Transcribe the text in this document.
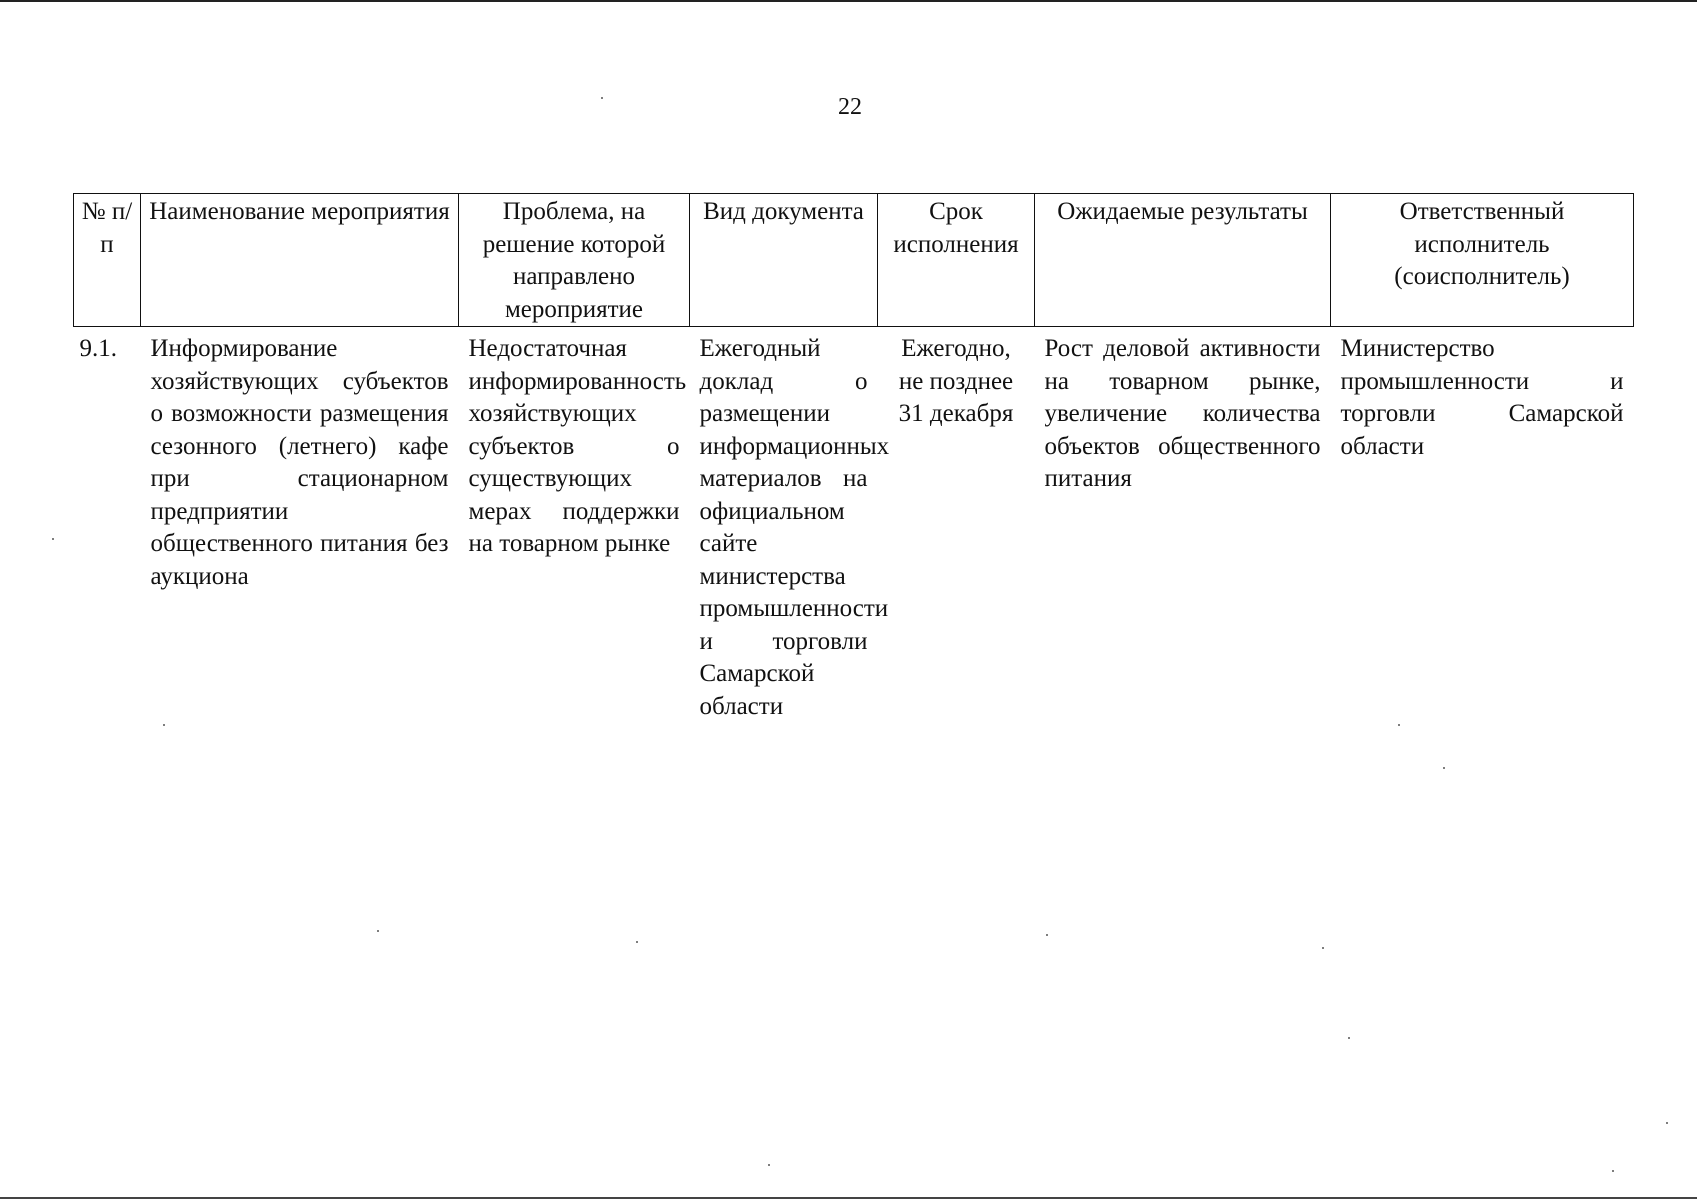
22
№ п/п	Наименование мероприятия	Проблема, на решение которой направлено мероприятие	Вид документа	Срок исполнения	Ожидаемые результаты	Ответственный исполнитель (соисполнитель)
9.1.	Информирование хозяйствующих субъектов о возможности размещения сезонного (летнего) кафе при стационарном предприятии общественного питания без аукциона	Недостаточная информированность хозяйствующих субъектов о существующих мерах поддержки на товарном рынке	Ежегодный доклад о размещении информационных материалов на официальном сайте министерства промышленности и торговли Самарской области	Ежегодно, не позднее 31 декабря	Рост деловой активности на товарном рынке, увеличение количества объектов общественного питания	Министерство промышленности и торговли Самарской области
